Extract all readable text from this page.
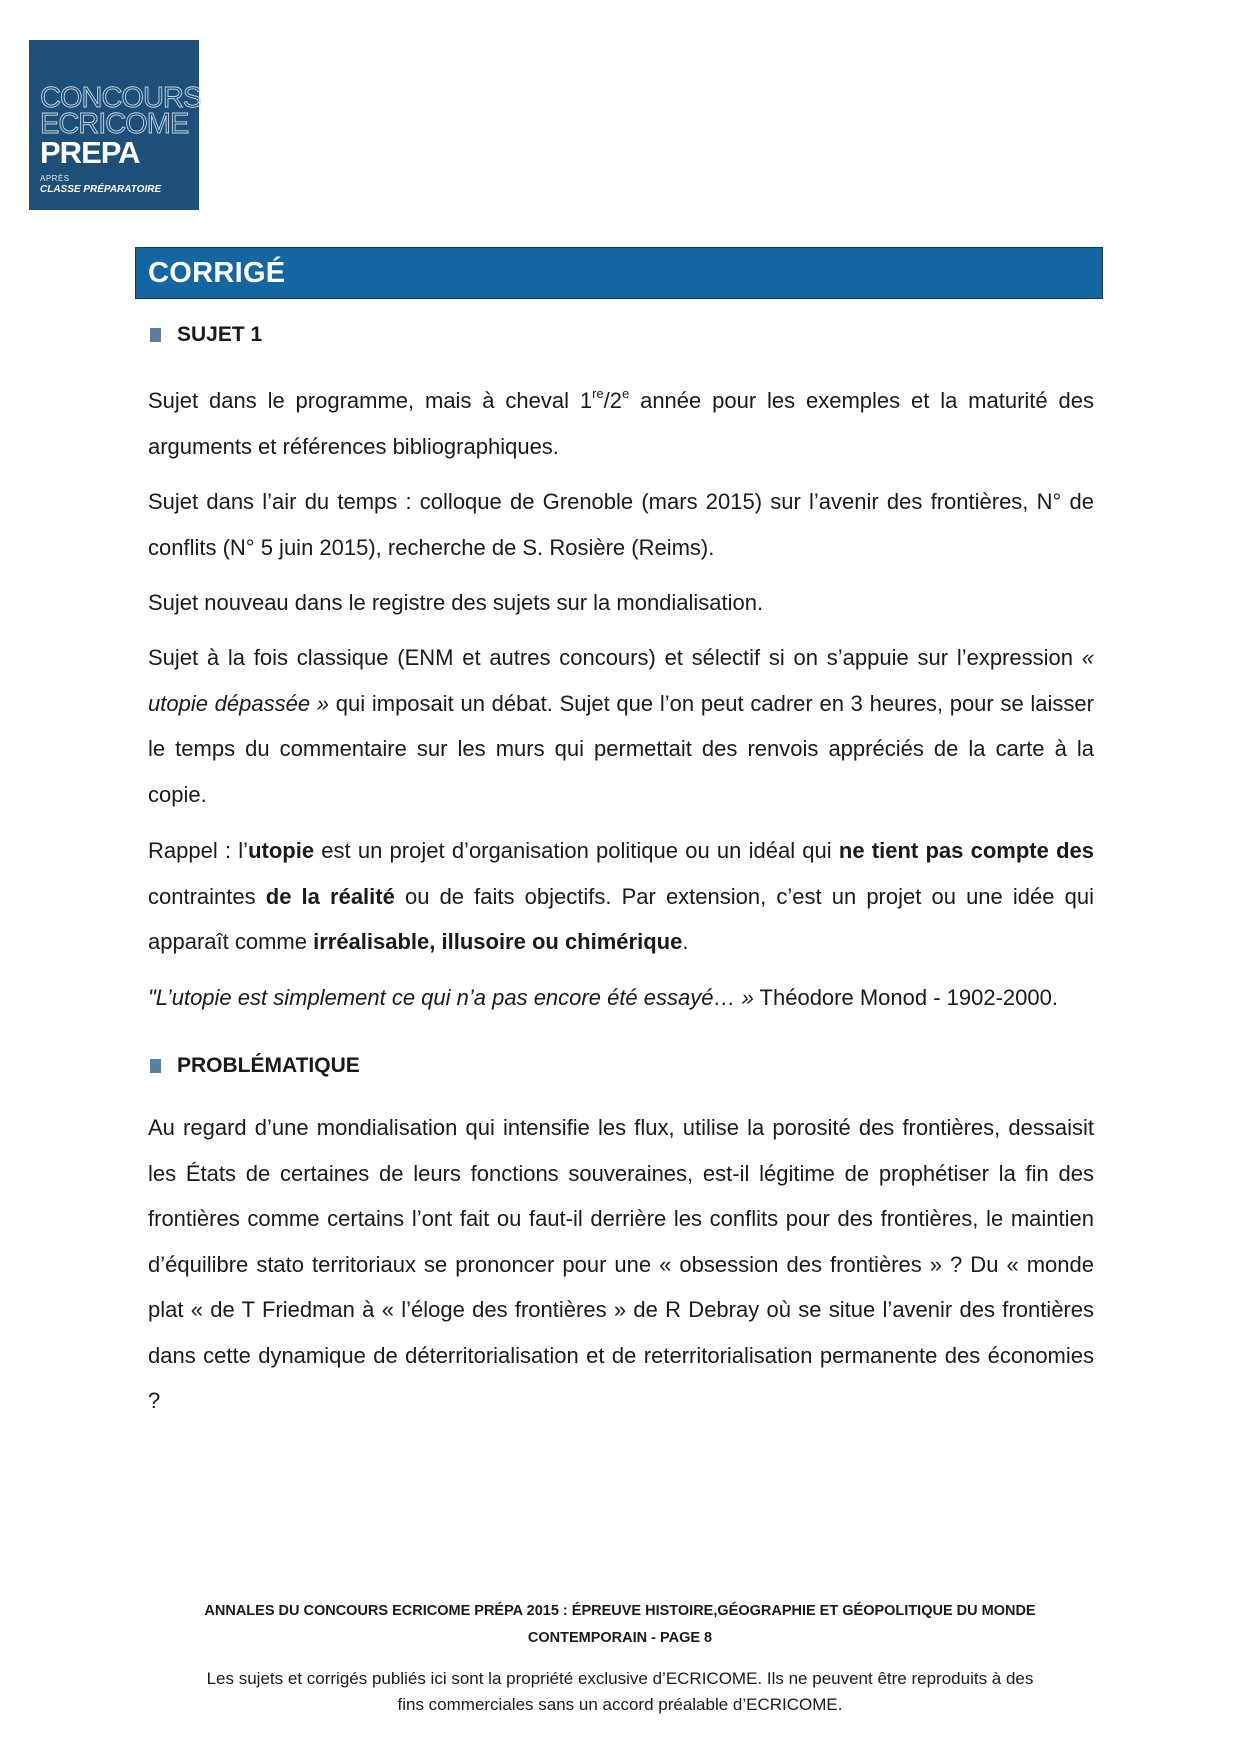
CONCOURS
ECRICOME
PREPA
APRÈS
CLASSE PRÉPARATOIRE
CORRIGÉ
SUJET 1

Sujet dans le programme, mais à cheval 1re/2e année pour les exemples et la maturité des arguments et références bibliographiques.

Sujet dans l’air du temps : colloque de Grenoble (mars 2015) sur l’avenir des frontières, N° de conflits (N° 5 juin 2015), recherche de S. Rosière (Reims).

Sujet nouveau dans le registre des sujets sur la mondialisation.

Sujet à la fois classique (ENM et autres concours) et sélectif si on s’appuie sur l’expression « utopie dépassée » qui imposait un débat. Sujet que l’on peut cadrer en 3 heures, pour se laisser le temps du commentaire sur les murs qui permettait des renvois appréciés de la carte à la copie.

Rappel : l’utopie est un projet d’organisation politique ou un idéal qui ne tient pas compte des contraintes de la réalité ou de faits objectifs. Par extension, c’est un projet ou une idée qui apparaît comme irréalisable, illusoire ou chimérique.

"L’utopie est simplement ce qui n’a pas encore été essayé… » Théodore Monod - 1902-2000.

PROBLÉMATIQUE

Au regard d’une mondialisation qui intensifie les flux, utilise la porosité des frontières, dessaisit les États de certaines de leurs fonctions souveraines, est-il légitime de prophétiser la fin des frontières comme certains l’ont fait ou faut-il derrière les conflits pour des frontières, le maintien d’équilibre stato territoriaux se prononcer pour une « obsession des frontières » ? Du « monde plat « de T Friedman à « l’éloge des frontières » de R Debray où se situe l’avenir des frontières dans cette dynamique de déterritorialisation et de reterritorialisation permanente des économies ?

ANNALES DU CONCOURS ECRICOME PRÉPA 2015 : ÉPREUVE HISTOIRE,GÉOGRAPHIE ET GÉOPOLITIQUE DU MONDE
CONTEMPORAIN - PAGE 8
Les sujets et corrigés publiés ici sont la propriété exclusive d’ECRICOME. Ils ne peuvent être reproduits à des
fins commerciales sans un accord préalable d’ECRICOME.
